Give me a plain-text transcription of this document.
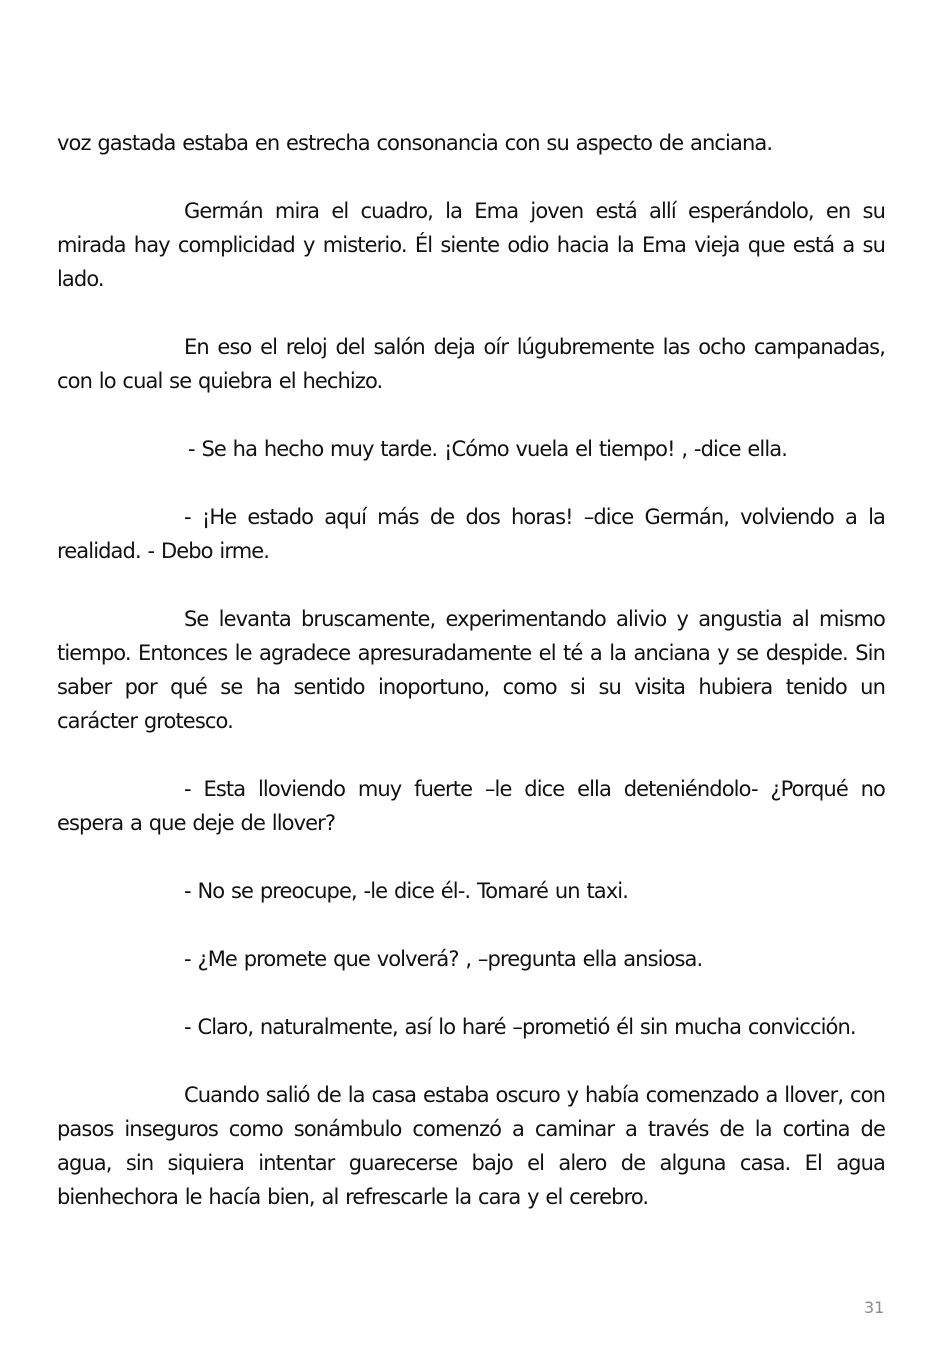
voz gastada estaba en estrecha consonancia con su aspecto de anciana.

Germán mira el cuadro, la Ema joven está allí esperándolo, en su mirada hay complicidad y misterio. Él siente odio hacia la Ema vieja que está a su lado.

En eso el reloj del salón deja oír lúgubremente las ocho campanadas, con lo cual se quiebra el hechizo.

- Se ha hecho muy tarde. ¡Cómo vuela el tiempo! , -dice ella.

- ¡He estado aquí más de dos horas! –dice Germán, volviendo a la realidad. - Debo irme.

Se levanta bruscamente, experimentando alivio y angustia al mismo tiempo. Entonces le agradece apresuradamente el té a la anciana y se despide. Sin saber por qué se ha sentido inoportuno, como si su visita hubiera tenido un carácter grotesco.

- Esta lloviendo muy fuerte –le dice ella deteniéndolo- ¿Porqué no espera a que deje de llover?

- No se preocupe, -le dice él-. Tomaré un taxi.

- ¿Me promete que volverá? , –pregunta ella ansiosa.

- Claro, naturalmente, así lo haré –prometió él sin mucha convicción.

Cuando salió de la casa estaba oscuro y había comenzado a llover, con pasos inseguros como sonámbulo comenzó a caminar a través de la cortina de agua, sin siquiera intentar guarecerse bajo el alero de alguna casa. El agua bienhechora le hacía bien, al refrescarle la cara y el cerebro.

31
